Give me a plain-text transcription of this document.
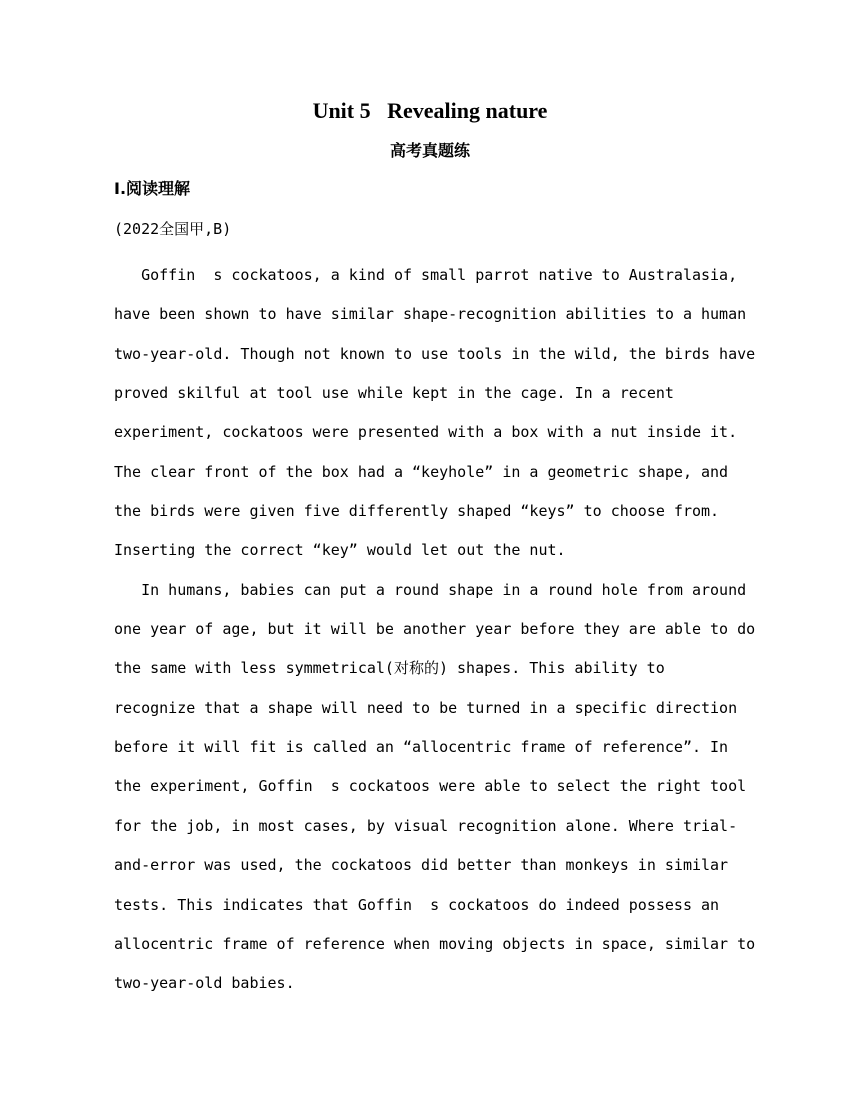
Unit 5   Revealing nature
高考真题练
Ⅰ.阅读理解
(2022全国甲,B)
Goffin  s cockatoos, a kind of small parrot native to Australasia,
have been shown to have similar shape-recognition abilities to a human
two-year-old. Though not known to use tools in the wild, the birds have
proved skilful at tool use while kept in the cage. In a recent
experiment, cockatoos were presented with a box with a nut inside it.
The clear front of the box had a “keyhole” in a geometric shape, and
the birds were given five differently shaped “keys” to choose from.
Inserting the correct “key” would let out the nut.
In humans, babies can put a round shape in a round hole from around
one year of age, but it will be another year before they are able to do
the same with less symmetrical(对称的) shapes. This ability to
recognize that a shape will need to be turned in a specific direction
before it will fit is called an “allocentric frame of reference”. In
the experiment, Goffin  s cockatoos were able to select the right tool
for the job, in most cases, by visual recognition alone. Where trial-
and-error was used, the cockatoos did better than monkeys in similar
tests. This indicates that Goffin  s cockatoos do indeed possess an
allocentric frame of reference when moving objects in space, similar to
two-year-old babies.
